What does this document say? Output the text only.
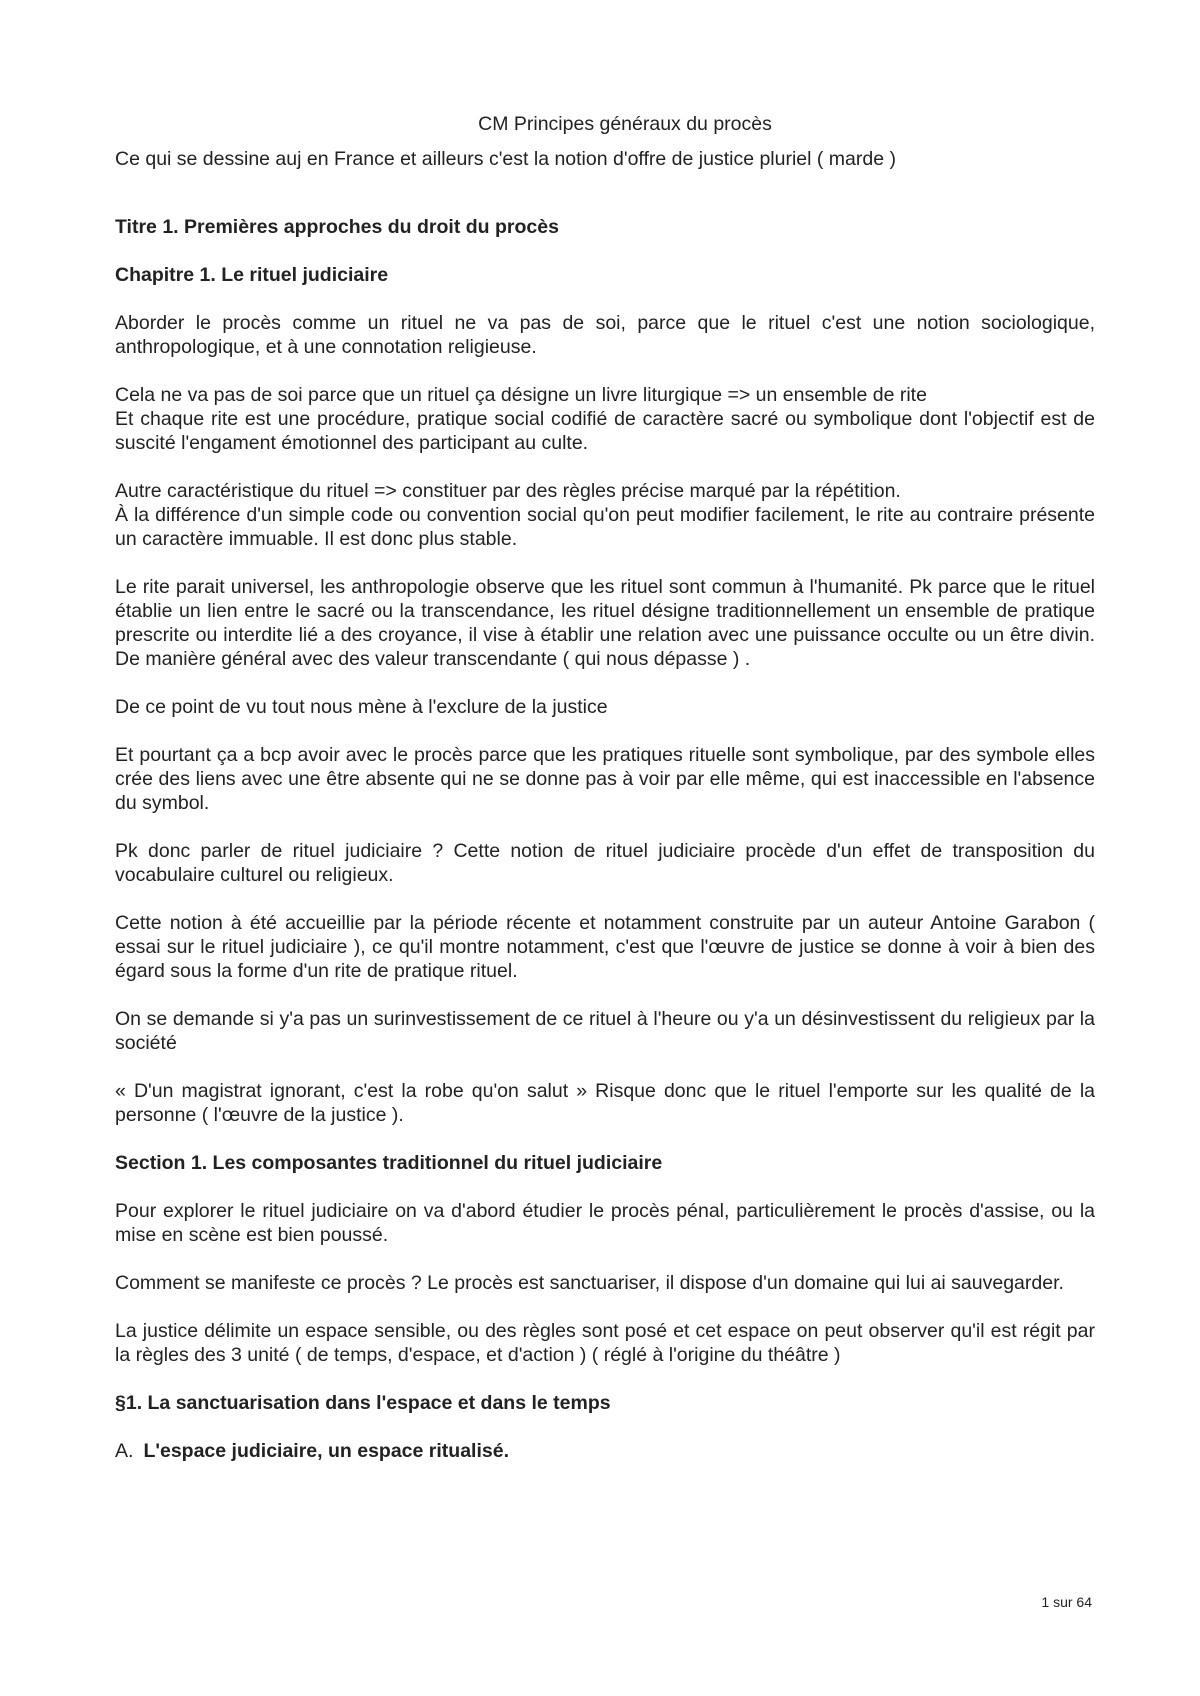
CM Principes généraux du procès
Ce qui se dessine auj en France et ailleurs c'est la notion d'offre de justice pluriel ( marde )
Titre 1. Premières approches du droit du procès
Chapitre 1. Le rituel judiciaire
Aborder le procès comme un rituel ne va pas de soi, parce que le rituel c'est une notion sociologique, anthropologique, et à une connotation religieuse.
Cela ne va pas de soi parce que un rituel ça désigne un livre liturgique => un ensemble de rite
Et chaque rite est une procédure, pratique social codifié de caractère sacré ou symbolique dont l'objectif est de suscité l'engament émotionnel des participant au culte.
Autre caractéristique du rituel => constituer par des règles précise marqué par la répétition.
À la différence d'un simple code ou convention social qu'on peut modifier facilement, le rite au contraire présente un caractère immuable. Il est donc plus stable.
Le rite parait universel, les anthropologie observe que les rituel sont commun à l'humanité. Pk parce que le rituel établie un lien entre le sacré ou la transcendance, les rituel désigne traditionnellement un ensemble de pratique prescrite ou interdite lié a des croyance, il vise à établir une relation avec une puissance occulte ou un être divin. De manière général avec des valeur transcendante ( qui nous dépasse ) .
De ce point de vu tout nous mène à l'exclure de la justice
Et pourtant ça a bcp avoir avec le procès parce que les pratiques rituelle sont symbolique, par des symbole elles crée des liens avec une être absente qui ne se donne pas à voir par elle même, qui est inaccessible en l'absence du symbol.
Pk donc parler de rituel judiciaire ? Cette notion de rituel judiciaire procède d'un effet de transposition du vocabulaire culturel ou religieux.
Cette notion à été accueillie par la période récente et notamment construite par un auteur Antoine Garabon ( essai sur le rituel judiciaire ), ce qu'il montre notamment, c'est que l'œuvre de justice se donne à voir à bien des égard sous la forme d'un rite de pratique rituel.
On se demande si y'a pas un surinvestissement de ce rituel à l'heure ou y'a un désinvestissent du religieux par la société
« D'un magistrat ignorant, c'est la robe qu'on salut » Risque donc que le rituel l'emporte sur les qualité de la personne ( l'œuvre de la justice ).
Section 1. Les composantes traditionnel du rituel judiciaire
Pour explorer le rituel judiciaire on va d'abord étudier le procès pénal, particulièrement le procès d'assise, ou la mise en scène est bien poussé.
Comment se manifeste ce procès ? Le procès est sanctuariser, il dispose d'un domaine qui lui ai sauvegarder.
La justice délimite un espace sensible, ou des règles sont posé et cet espace on peut observer qu'il est régit par la règles des 3 unité ( de temps, d'espace, et d'action ) ( réglé à l'origine du théâtre )
§1. La sanctuarisation dans l'espace et dans le temps
A. L'espace judiciaire, un espace ritualisé.
1 sur 64
